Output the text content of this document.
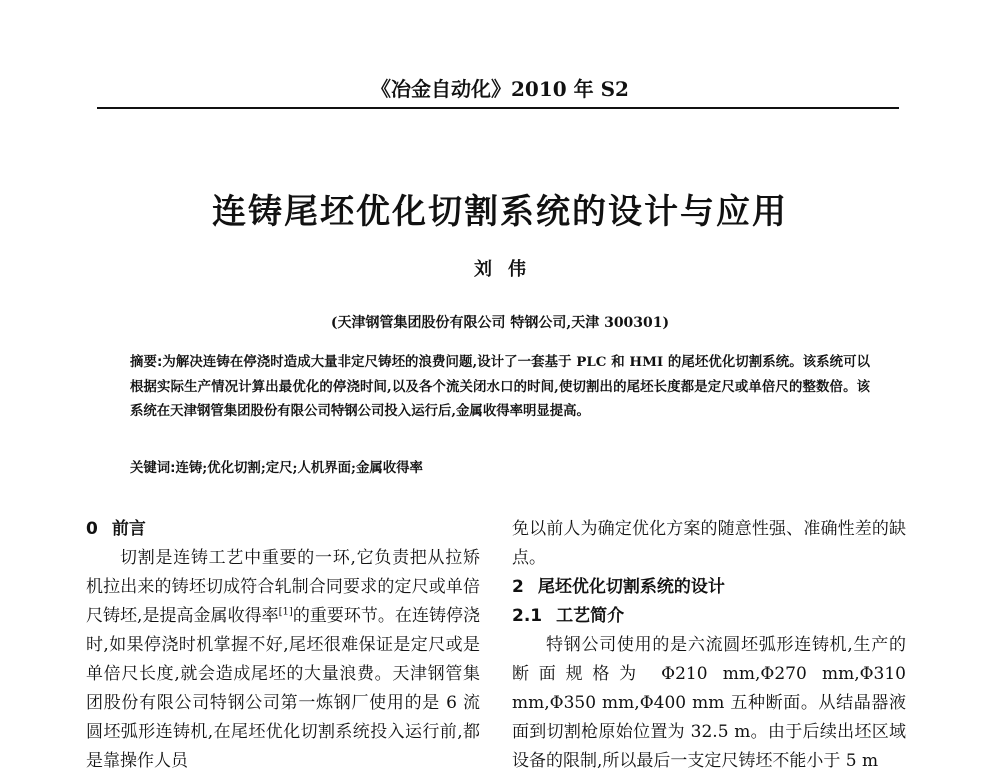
《冶金自动化》2010 年 S2
连铸尾坯优化切割系统的设计与应用
刘伟
(天津钢管集团股份有限公司 特钢公司,天津 300301)
摘要:为解决连铸在停浇时造成大量非定尺铸坯的浪费问题,设计了一套基于 PLC 和 HMI 的尾坯优化切割系统。该系统可以根据实际生产情况计算出最优化的停浇时间,以及各个流关闭水口的时间,使切割出的尾坯长度都是定尺或单倍尺的整数倍。该系统在天津钢管集团股份有限公司特钢公司投入运行后,金属收得率明显提高。
关键词:连铸;优化切割;定尺;人机界面;金属收得率
0 前言
切割是连铸工艺中重要的一环,它负责把从拉矫机拉出来的铸坯切成符合轧制合同要求的定尺或单倍尺铸坯,是提高金属收得率[1]的重要环节。在连铸停浇时,如果停浇时机掌握不好,尾坯很难保证是定尺或是单倍尺长度,就会造成尾坯的大量浪费。天津钢管集团股份有限公司特钢公司第一炼钢厂使用的是 6 流圆坯弧形连铸机,在尾坯优化切割系统投入运行前,都是靠操作人员
免以前人为确定优化方案的随意性强、准确性差的缺点。
2 尾坯优化切割系统的设计
2.1 工艺简介
特钢公司使用的是六流圆坯弧形连铸机,生产的断面规格为 Φ210 mm,Φ270 mm,Φ310 mm,Φ350 mm,Φ400 mm 五种断面。从结晶器液面到切割枪原始位置为 32.5 m。由于后续出坯区域设备的限制,所以最后一支定尺铸坯不能小于 5 m
